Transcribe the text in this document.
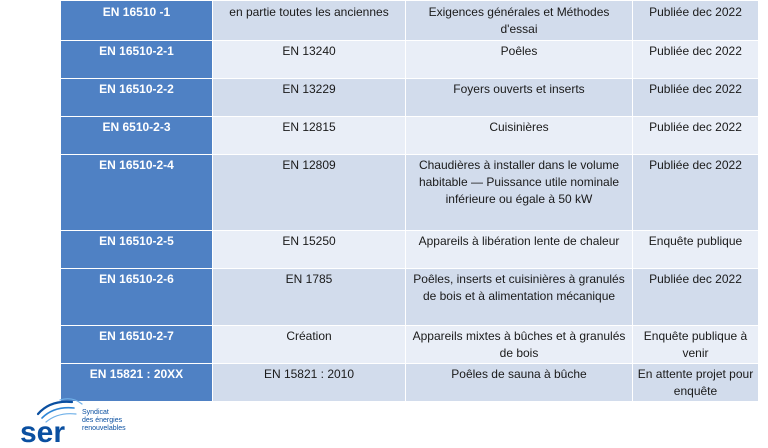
EN 16510 -1	en partie toutes les anciennes	Exigences générales et Méthodes d'essai	Publiée dec 2022
EN 16510-2-1	EN 13240	Poêles	Publiée dec 2022
EN 16510-2-2	EN 13229	Foyers ouverts et inserts	Publiée dec 2022
EN 6510-2-3	EN 12815	Cuisinières	Publiée dec 2022
EN 16510-2-4	EN 12809	Chaudières à installer dans le volume habitable — Puissance utile nominale inférieure ou égale à 50 kW	Publiée dec 2022
EN 16510-2-5	EN 15250	Appareils à libération lente de chaleur	Enquête publique
EN 16510-2-6	EN 1785	Poêles, inserts et cuisinières à granulés de bois et à alimentation mécanique	Publiée dec 2022
EN 16510-2-7	Création	Appareils mixtes à bûches et à granulés de bois	Enquête publique à venir
EN 15821 : 20XX	EN 15821 : 2010	Poêles de sauna à bûche	En attente projet pour enquête
ser
Syndicat
des énergies
renouvelables
